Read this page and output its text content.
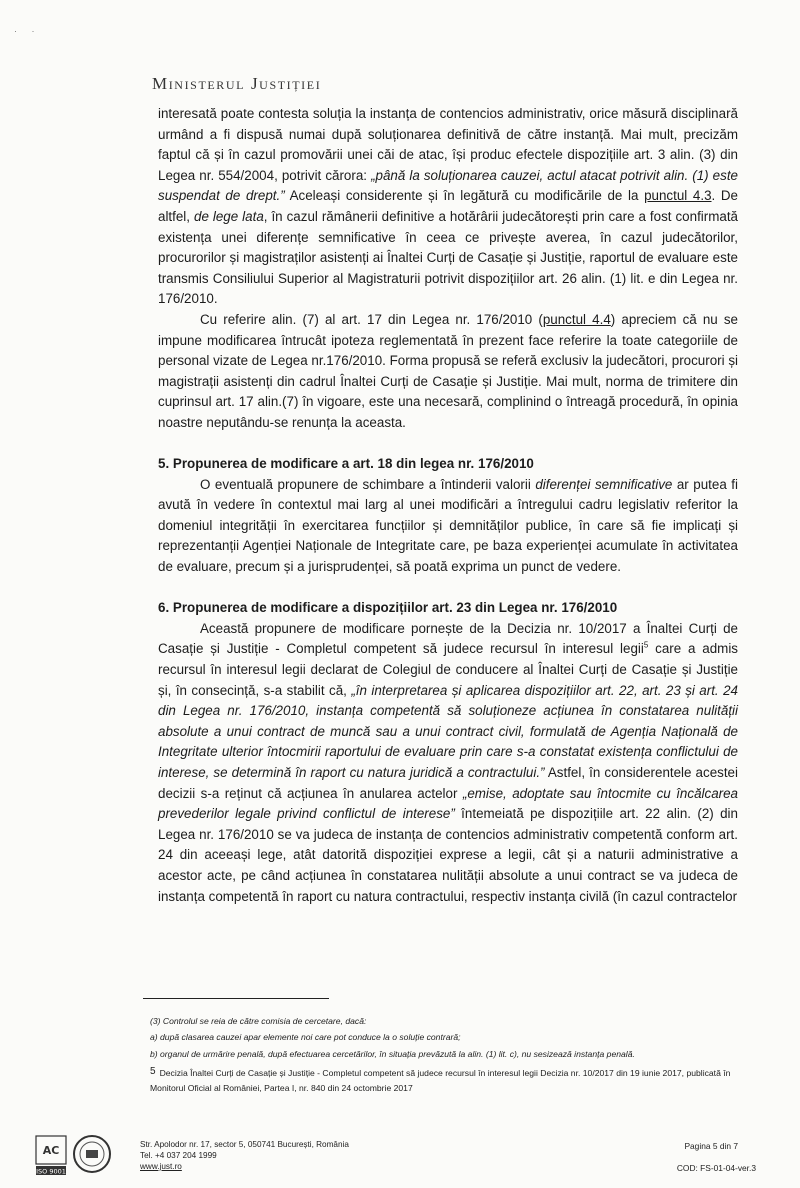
· ·
Ministerul Justiției

interesată poate contesta soluția la instanța de contencios administrativ, orice măsură disciplinară urmând a fi dispusă numai după soluționarea definitivă de către instanță. Mai mult, precizăm faptul că și în cazul promovării unei căi de atac, își produc efectele dispozițiile art. 3 alin. (3) din Legea nr. 554/2004, potrivit cărora: „până la soluționarea cauzei, actul atacat potrivit alin. (1) este suspendat de drept.” Aceleași considerente și în legătură cu modificările de la punctul 4.3. De altfel, de lege lata, în cazul rămânerii definitive a hotărârii judecătorești prin care a fost confirmată existența unei diferențe semnificative în ceea ce privește averea, în cazul judecătorilor, procurorilor și magistraților asistenți ai Înaltei Curți de Casație și Justiție, raportul de evaluare este transmis Consiliului Superior al Magistraturii potrivit dispozițiilor art. 26 alin. (1) lit. e din Legea nr. 176/2010.

Cu referire alin. (7) al art. 17 din Legea nr. 176/2010 (punctul 4.4) apreciem că nu se impune modificarea întrucât ipoteza reglementată în prezent face referire la toate categoriile de personal vizate de Legea nr.176/2010. Forma propusă se referă exclusiv la judecători, procurori și magistrații asistenți din cadrul Înaltei Curți de Casație și Justiție. Mai mult, norma de trimitere din cuprinsul art. 17 alin.(7) în vigoare, este una necesară, complinind o întreagă procedură, în opinia noastre neputându-se renunța la aceasta.

5. Propunerea de modificare a art. 18 din legea nr. 176/2010

O eventuală propunere de schimbare a întinderii valorii diferenței semnificative ar putea fi avută în vedere în contextul mai larg al unei modificări a întregului cadru legislativ referitor la domeniul integrității în exercitarea funcțiilor și demnităților publice, în care să fie implicați și reprezentanții Agenției Naționale de Integritate care, pe baza experienței acumulate în activitatea de evaluare, precum și a jurisprudenței, să poată exprima un punct de vedere.

6. Propunerea de modificare a dispozițiilor art. 23 din Legea nr. 176/2010

Această propunere de modificare pornește de la Decizia nr. 10/2017 a Înaltei Curți de Casație și Justiție - Completul competent să judece recursul în interesul legii$^5$ care a admis recursul în interesul legii declarat de Colegiul de conducere al Înaltei Curți de Casație și Justiție și, în consecință, s-a stabilit că, „în interpretarea și aplicarea dispozițiilor art. 22, art. 23 și art. 24 din Legea nr. 176/2010, instanța competentă să soluționeze acțiunea în constatarea nulității absolute a unui contract de muncă sau a unui contract civil, formulată de Agenția Națională de Integritate ulterior întocmirii raportului de evaluare prin care s-a constatat existența conflictului de interese, se determină în raport cu natura juridică a contractului.” Astfel, în considerentele acestei decizii s-a reținut că acțiunea în anularea actelor „emise, adoptate sau întocmite cu încălcarea prevederilor legale privind conflictul de interese” întemeiată pe dispozițiile art. 22 alin. (2) din Legea nr. 176/2010 se va judeca de instanța de contencios administrativ competentă conform art. 24 din aceeași lege, atât datorită dispoziției exprese a legii, cât și a naturii administrative a acestor acte, pe când acțiunea în constatarea nulității absolute a unui contract se va judeca de instanța competentă în raport cu natura contractului, respectiv instanța civilă (în cazul contractelor

(3) Controlul se reia de către comisia de cercetare, dacă:

a) după clasarea cauzei apar elemente noi care pot conduce la o soluție contrară;

b) organul de urmărire penală, după efectuarea cercetărilor, în situația prevăzută la alin. (1) lit. c), nu sesizează instanța penală.

5 Decizia Înaltei Curți de Casație și Justiție - Completul competent să judece recursul în interesul legii Decizia nr. 10/2017 din 19 iunie 2017, publicată în Monitorul Oficial al României, Partea I, nr. 840 din 24 octombrie 2017

AC
ISO 9001
Str. Apolodor nr. 17, sector 5, 050741 București, România
Tel. +4 037 204 1999
www.just.ro
Pagina 5 din 7
COD: FS-01-04-ver.3
